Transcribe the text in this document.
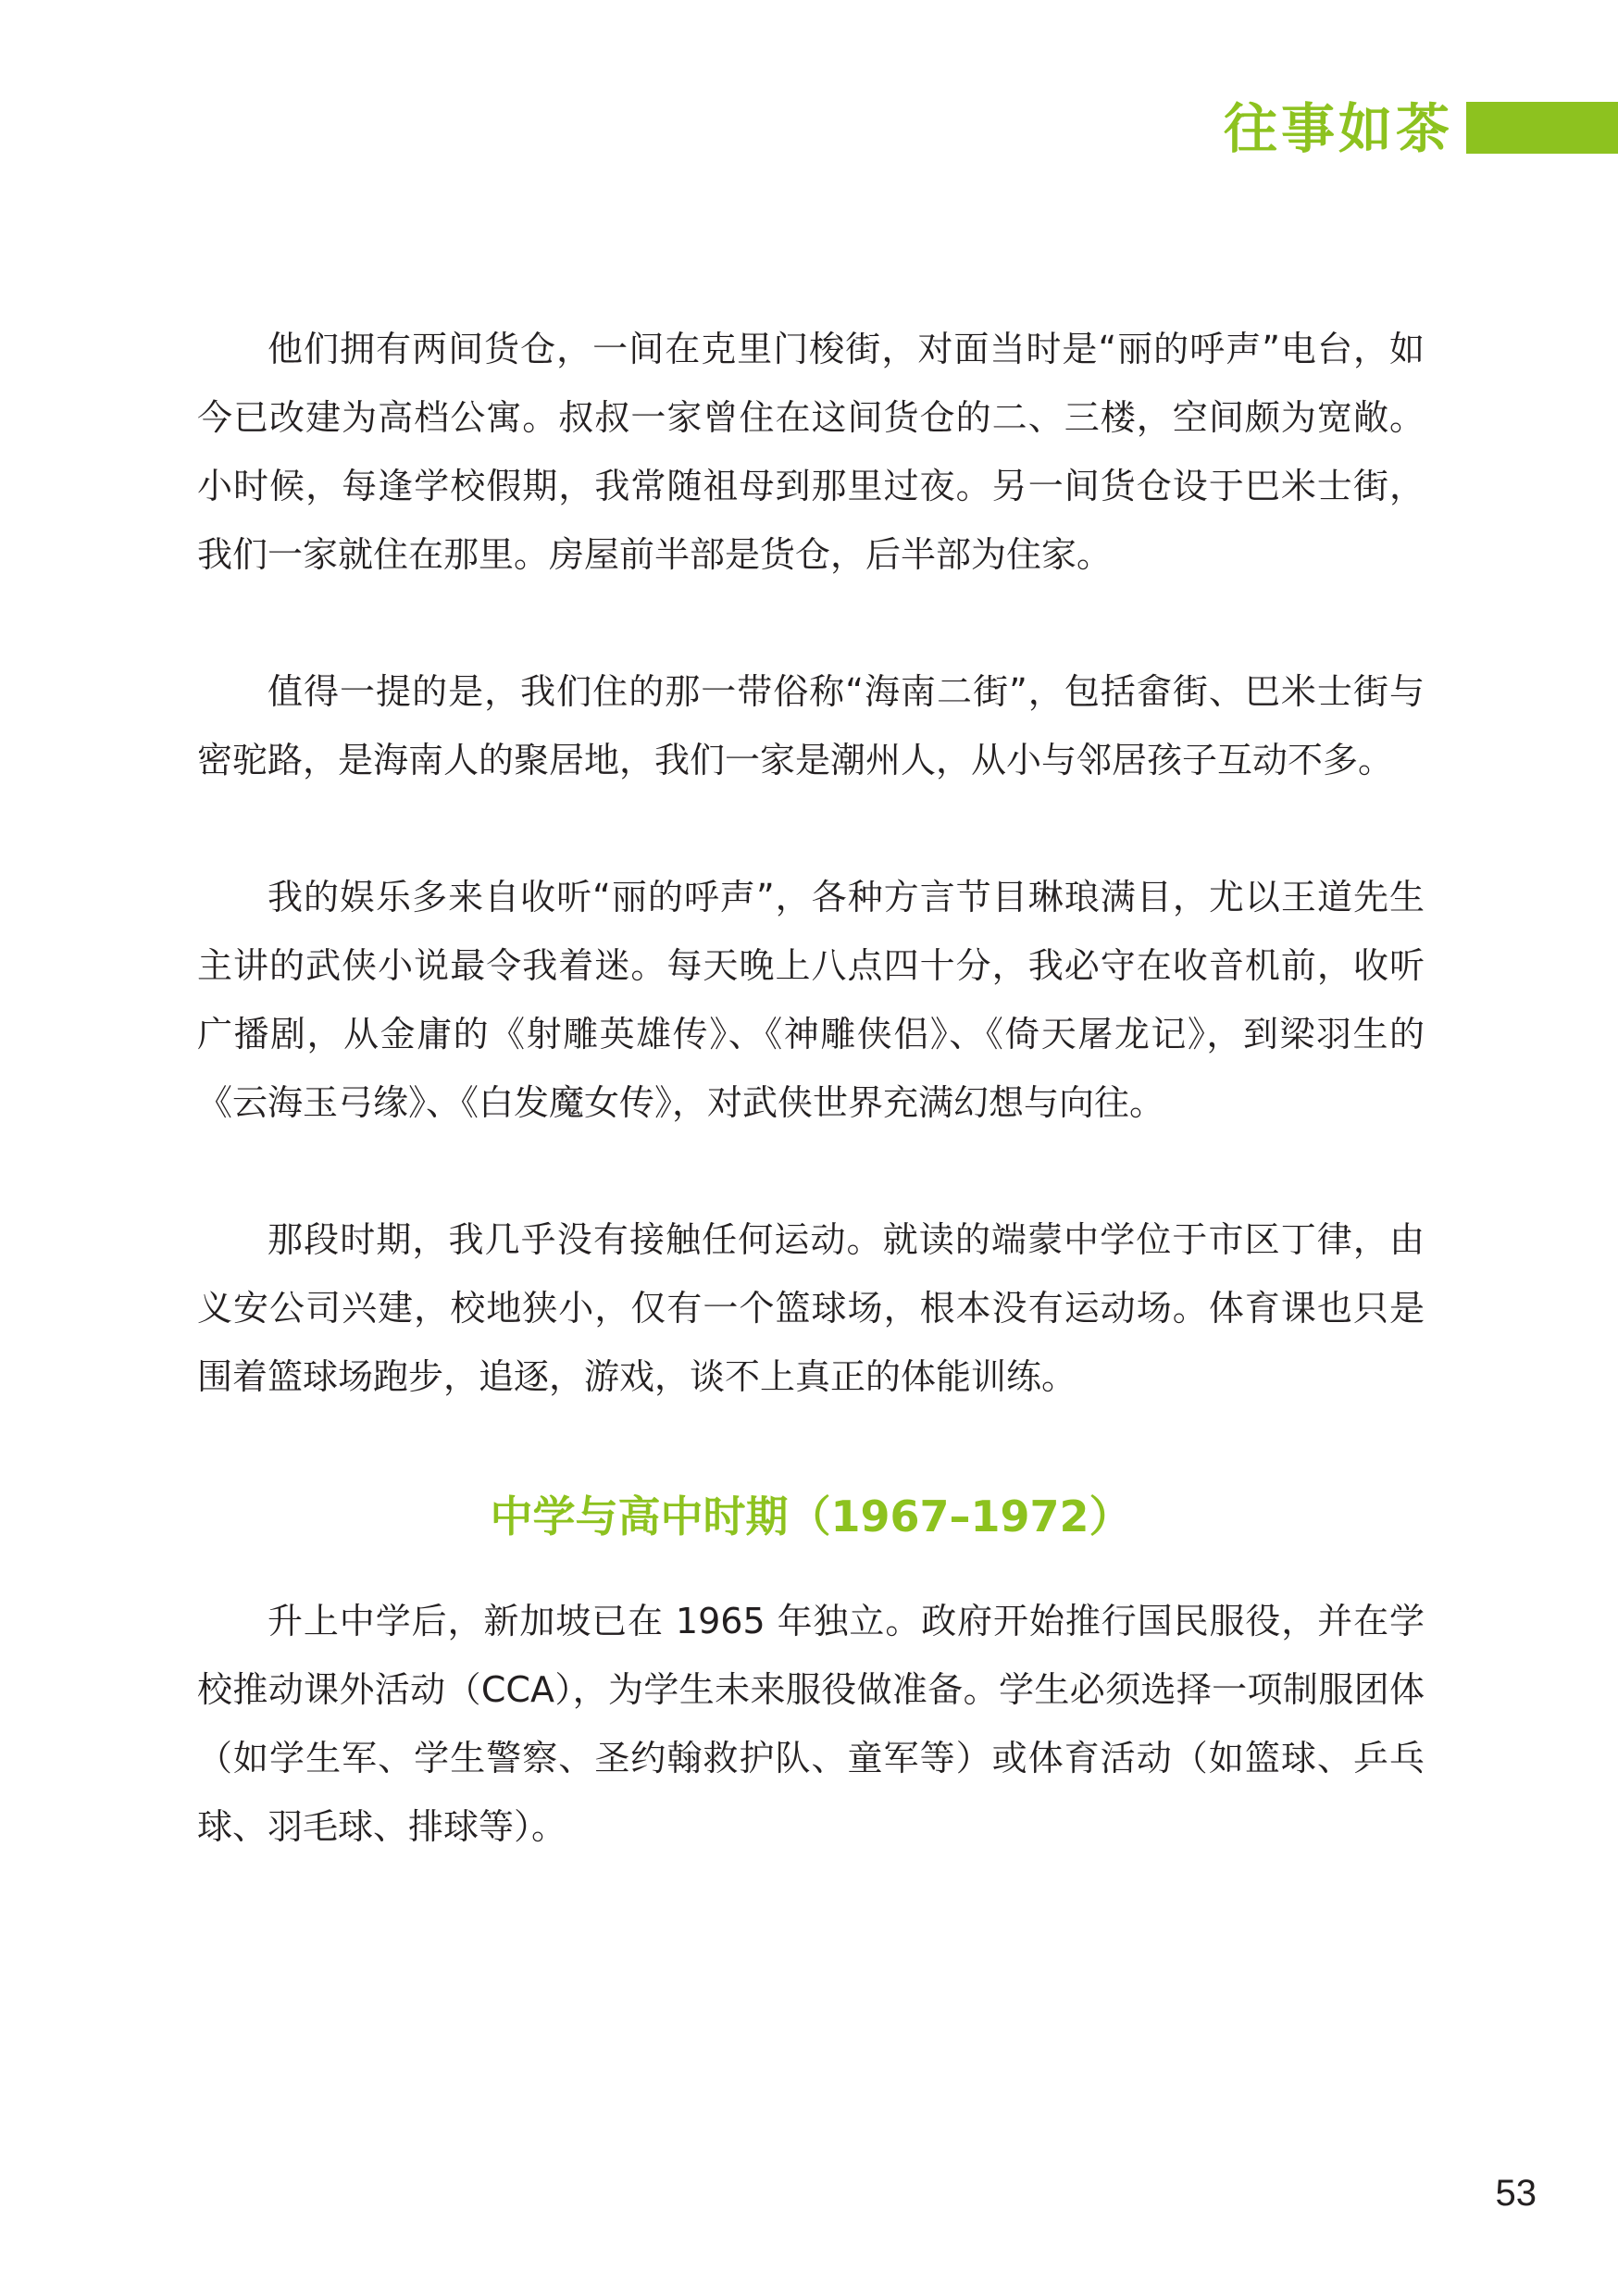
往事如茶

他们拥有两间货仓，一间在克里门梭街，对面当时是“丽的呼声”电台，如今已改建为高档公寓。叔叔一家曾住在这间货仓的二、三楼，空间颇为宽敞。小时候，每逢学校假期，我常随祖母到那里过夜。另一间货仓设于巴米士街，我们一家就住在那里。房屋前半部是货仓，后半部为住家。

值得一提的是，我们住的那一带俗称“海南二街”，包括畲街、巴米士街与密驼路，是海南人的聚居地，我们一家是潮州人，从小与邻居孩子互动不多。

我的娱乐多来自收听“丽的呼声”，各种方言节目琳琅满目，尤以王道先生主讲的武侠小说最令我着迷。每天晚上八点四十分，我必守在收音机前，收听广播剧，从金庸的《射雕英雄传》、《神雕侠侣》、《倚天屠龙记》，到梁羽生的《云海玉弓缘》、《白发魔女传》，对武侠世界充满幻想与向往。

那段时期，我几乎没有接触任何运动。就读的端蒙中学位于市区丁律，由义安公司兴建，校地狭小，仅有一个篮球场，根本没有运动场。体育课也只是围着篮球场跑步，追逐，游戏，谈不上真正的体能训练。

中学与高中时期（1967–1972）

升上中学后，新加坡已在 1965 年独立。政府开始推行国民服役，并在学校推动课外活动（CCA），为学生未来服役做准备。学生必须选择一项制服团体（如学生军、学生警察、圣约翰救护队、童军等）或体育活动（如篮球、乒乓球、羽毛球、排球等）。

53
